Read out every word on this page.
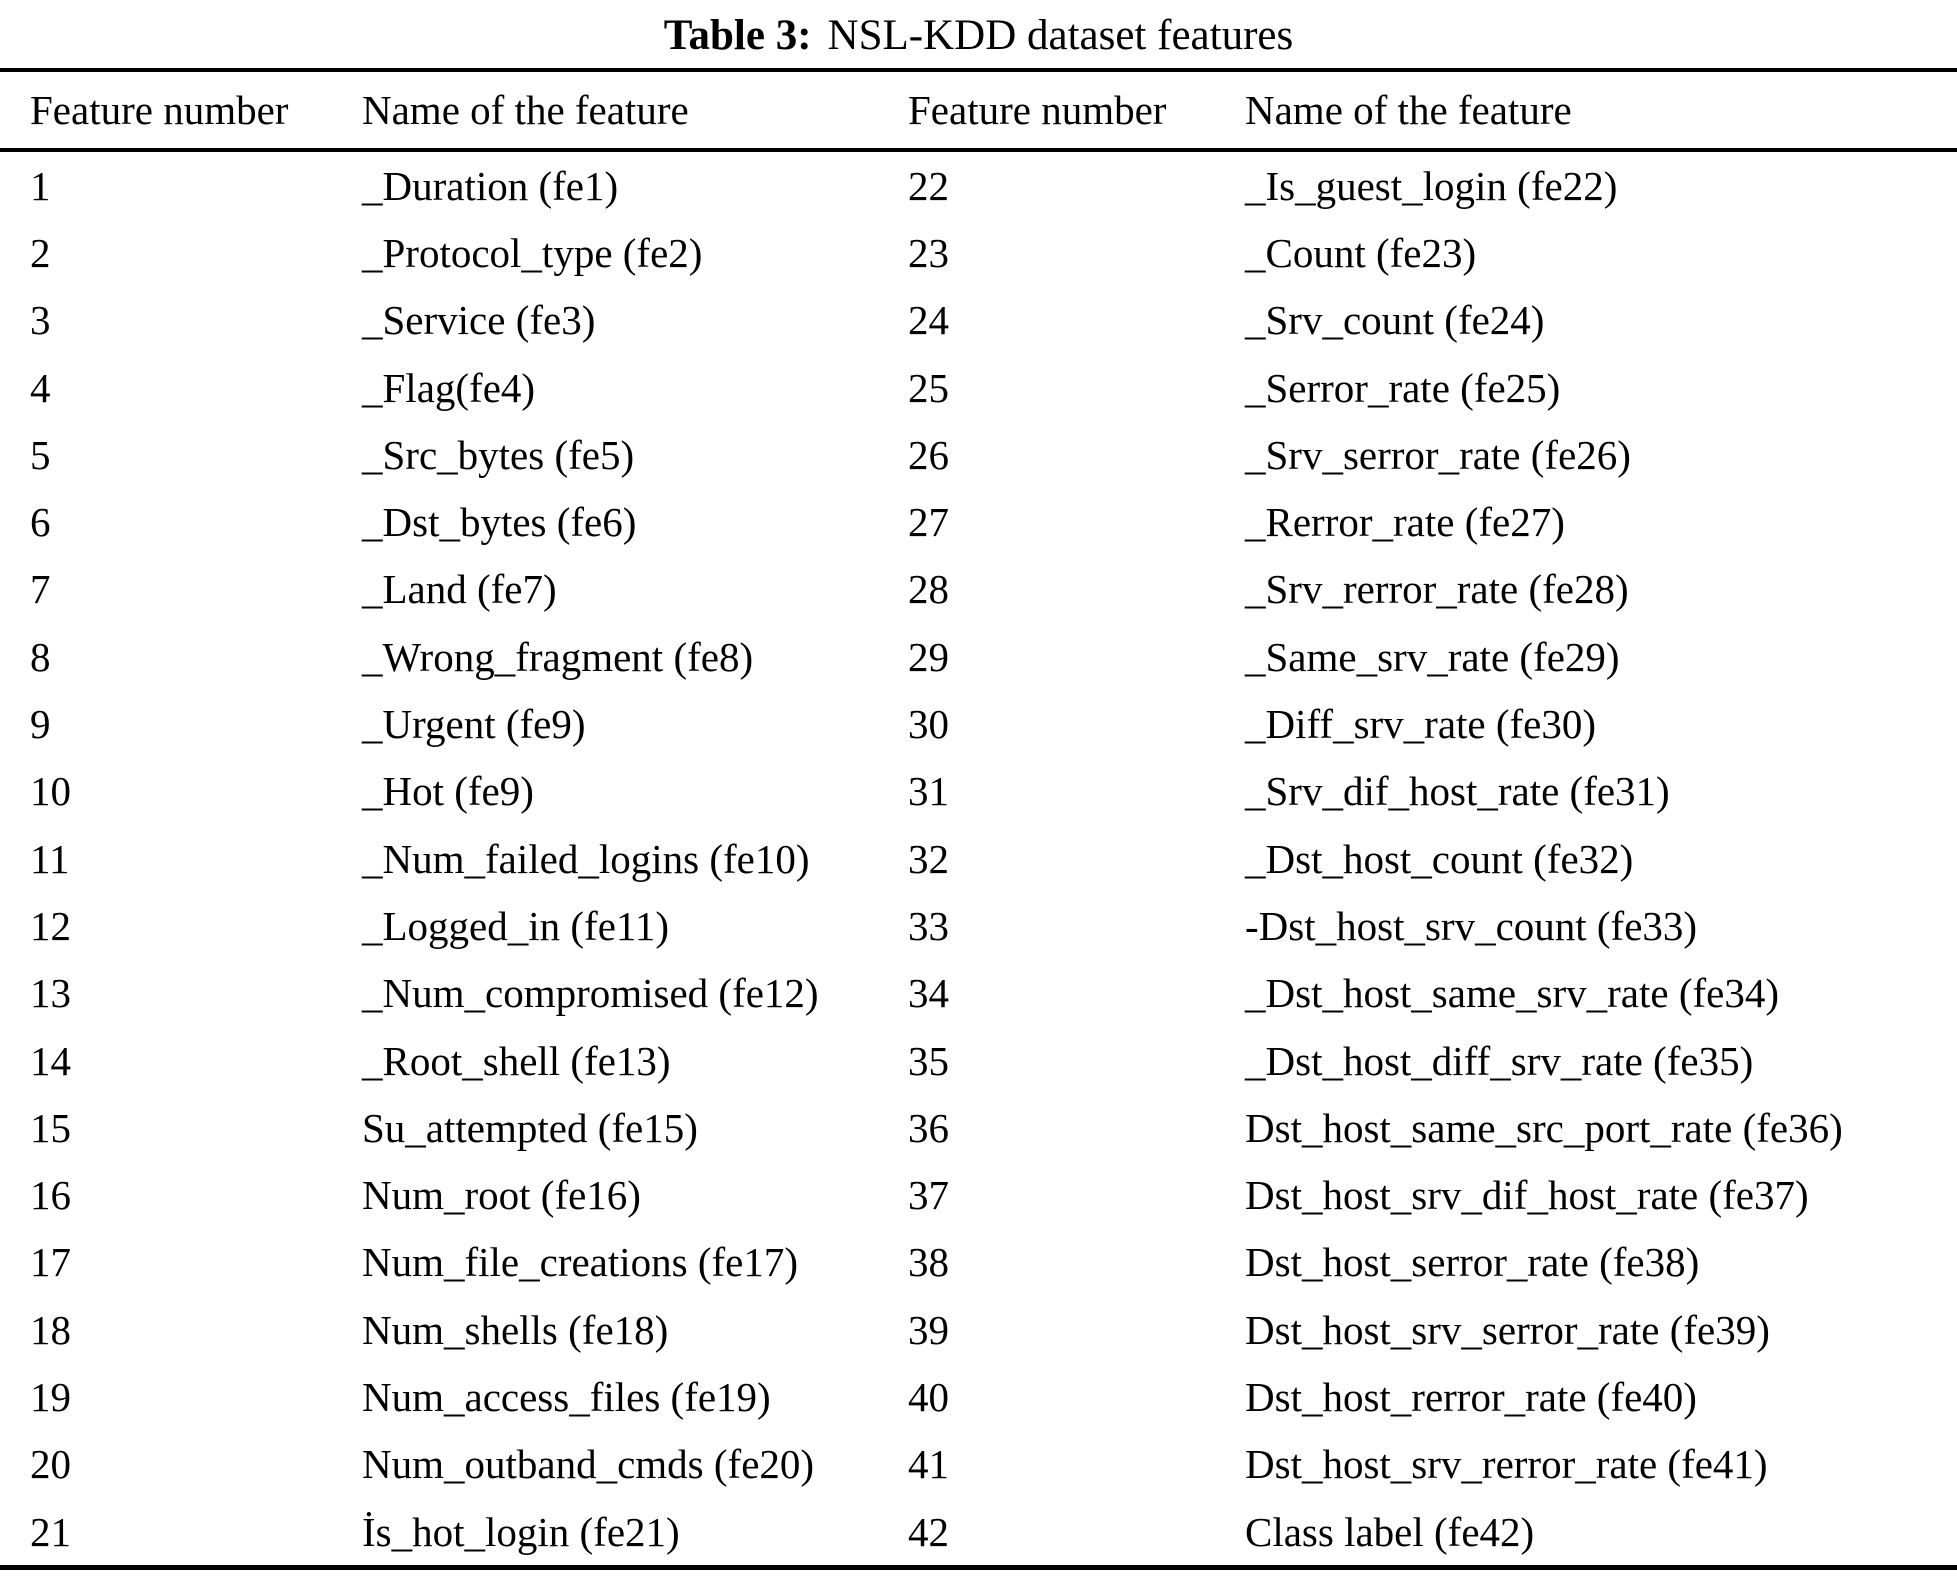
Table 3: NSL-KDD dataset features
Feature number	Name of the feature	Feature number	Name of the feature
1	_Duration (fe1)	22	_Is_guest_login (fe22)
2	_Protocol_type (fe2)	23	_Count (fe23)
3	_Service (fe3)	24	_Srv_count (fe24)
4	_Flag(fe4)	25	_Serror_rate (fe25)
5	_Src_bytes (fe5)	26	_Srv_serror_rate (fe26)
6	_Dst_bytes (fe6)	27	_Rerror_rate (fe27)
7	_Land (fe7)	28	_Srv_rerror_rate (fe28)
8	_Wrong_fragment (fe8)	29	_Same_srv_rate (fe29)
9	_Urgent (fe9)	30	_Diff_srv_rate (fe30)
10	_Hot (fe9)	31	_Srv_dif_host_rate (fe31)
11	_Num_failed_logins (fe10)	32	_Dst_host_count (fe32)
12	_Logged_in (fe11)	33	-Dst_host_srv_count (fe33)
13	_Num_compromised (fe12)	34	_Dst_host_same_srv_rate (fe34)
14	_Root_shell (fe13)	35	_Dst_host_diff_srv_rate (fe35)
15	Su_attempted (fe15)	36	Dst_host_same_src_port_rate (fe36)
16	Num_root (fe16)	37	Dst_host_srv_dif_host_rate (fe37)
17	Num_file_creations (fe17)	38	Dst_host_serror_rate (fe38)
18	Num_shells (fe18)	39	Dst_host_srv_serror_rate (fe39)
19	Num_access_files (fe19)	40	Dst_host_rerror_rate (fe40)
20	Num_outband_cmds (fe20)	41	Dst_host_srv_rerror_rate (fe41)
21	İs_hot_login (fe21)	42	Class label (fe42)
